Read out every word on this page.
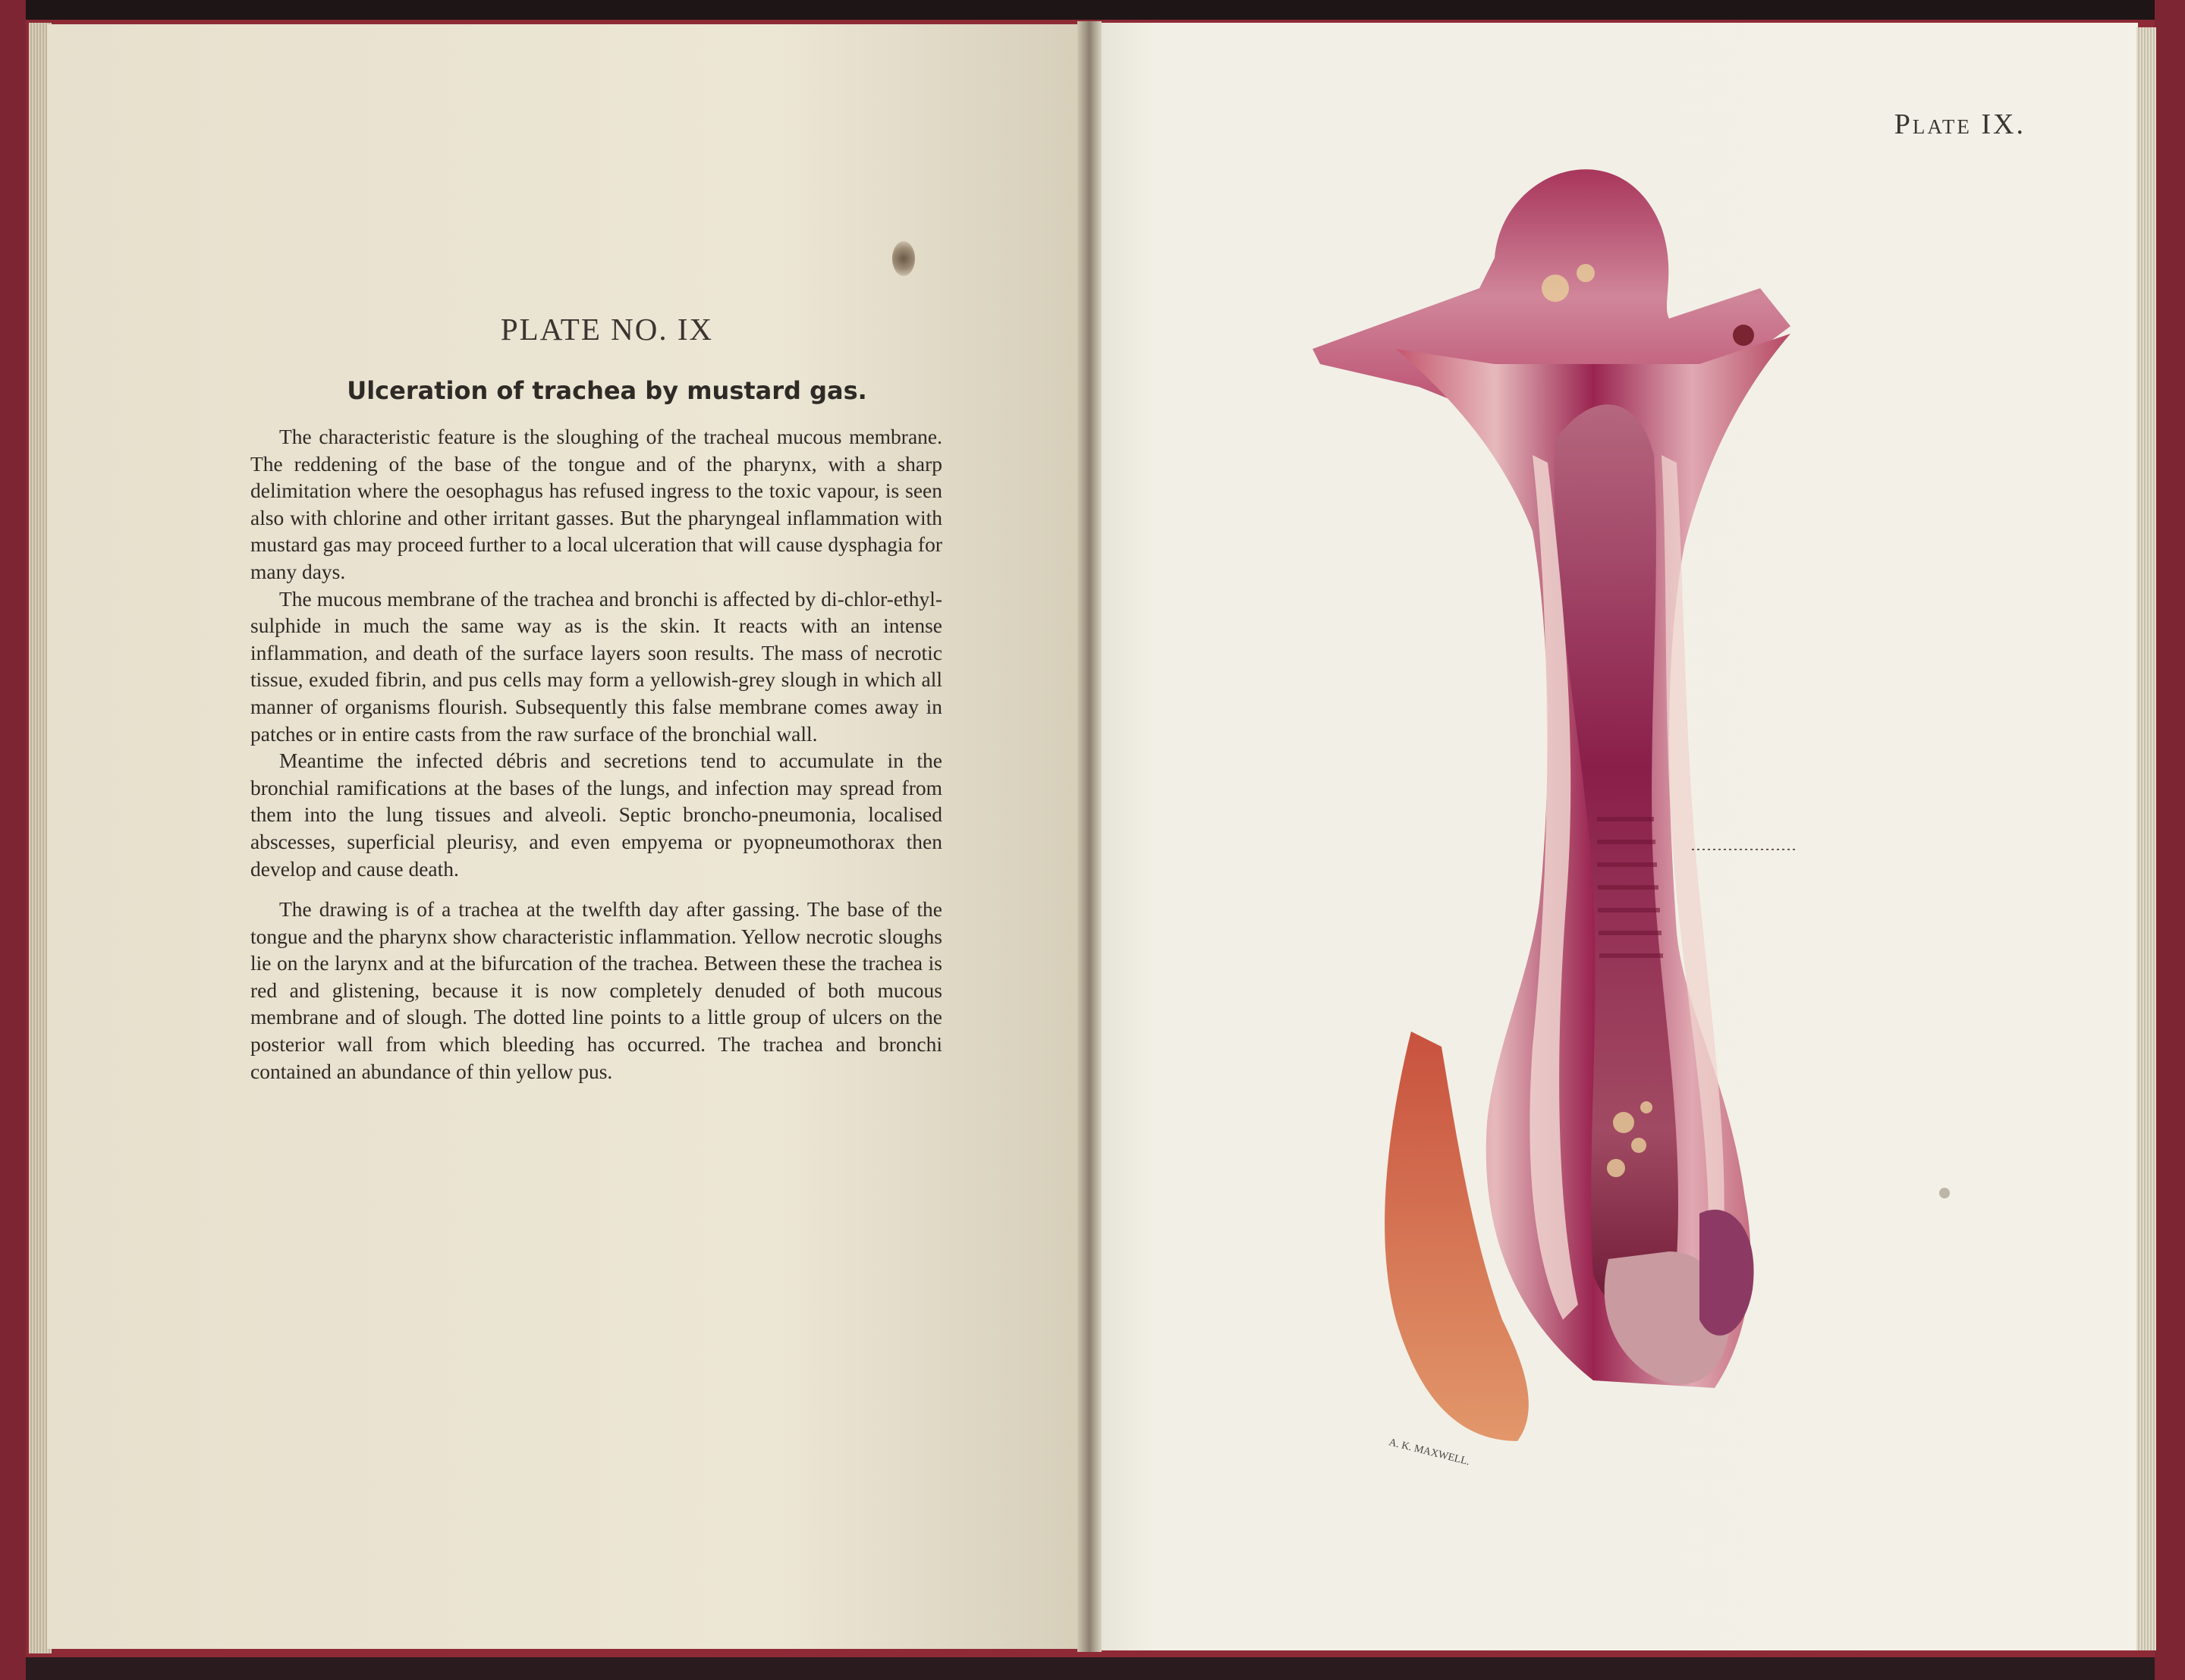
PLATE NO. IX
Ulceration of trachea by mustard gas.

The characteristic feature is the sloughing of the tracheal mucous membrane. The reddening of the base of the tongue and of the pharynx, with a sharp delimitation where the oesophagus has refused ingress to the toxic vapour, is seen also with chlorine and other irritant gasses. But the pharyngeal inflammation with mustard gas may proceed further to a local ulceration that will cause dysphagia for many days.

The mucous membrane of the trachea and bronchi is affected by di-chlor-ethyl-sulphide in much the same way as is the skin. It reacts with an intense inflammation, and death of the surface layers soon results. The mass of necrotic tissue, exuded fibrin, and pus cells may form a yellowish-grey slough in which all manner of organisms flourish. Subsequently this false membrane comes away in patches or in entire casts from the raw surface of the bronchial wall.

Meantime the infected débris and secretions tend to accumulate in the bronchial ramifications at the bases of the lungs, and infection may spread from them into the lung tissues and alveoli. Septic broncho-pneumonia, localised abscesses, superficial pleurisy, and even empyema or pyopneumothorax then develop and cause death.

The drawing is of a trachea at the twelfth day after gassing. The base of the tongue and the pharynx show characteristic inflammation. Yellow necrotic sloughs lie on the larynx and at the bifurcation of the trachea. Between these the trachea is red and glistening, because it is now completely denuded of both mucous membrane and of slough. The dotted line points to a little group of ulcers on the posterior wall from which bleeding has occurred. The trachea and bronchi contained an abundance of thin yellow pus.

Plate IX.
A. K. MAXWELL.
